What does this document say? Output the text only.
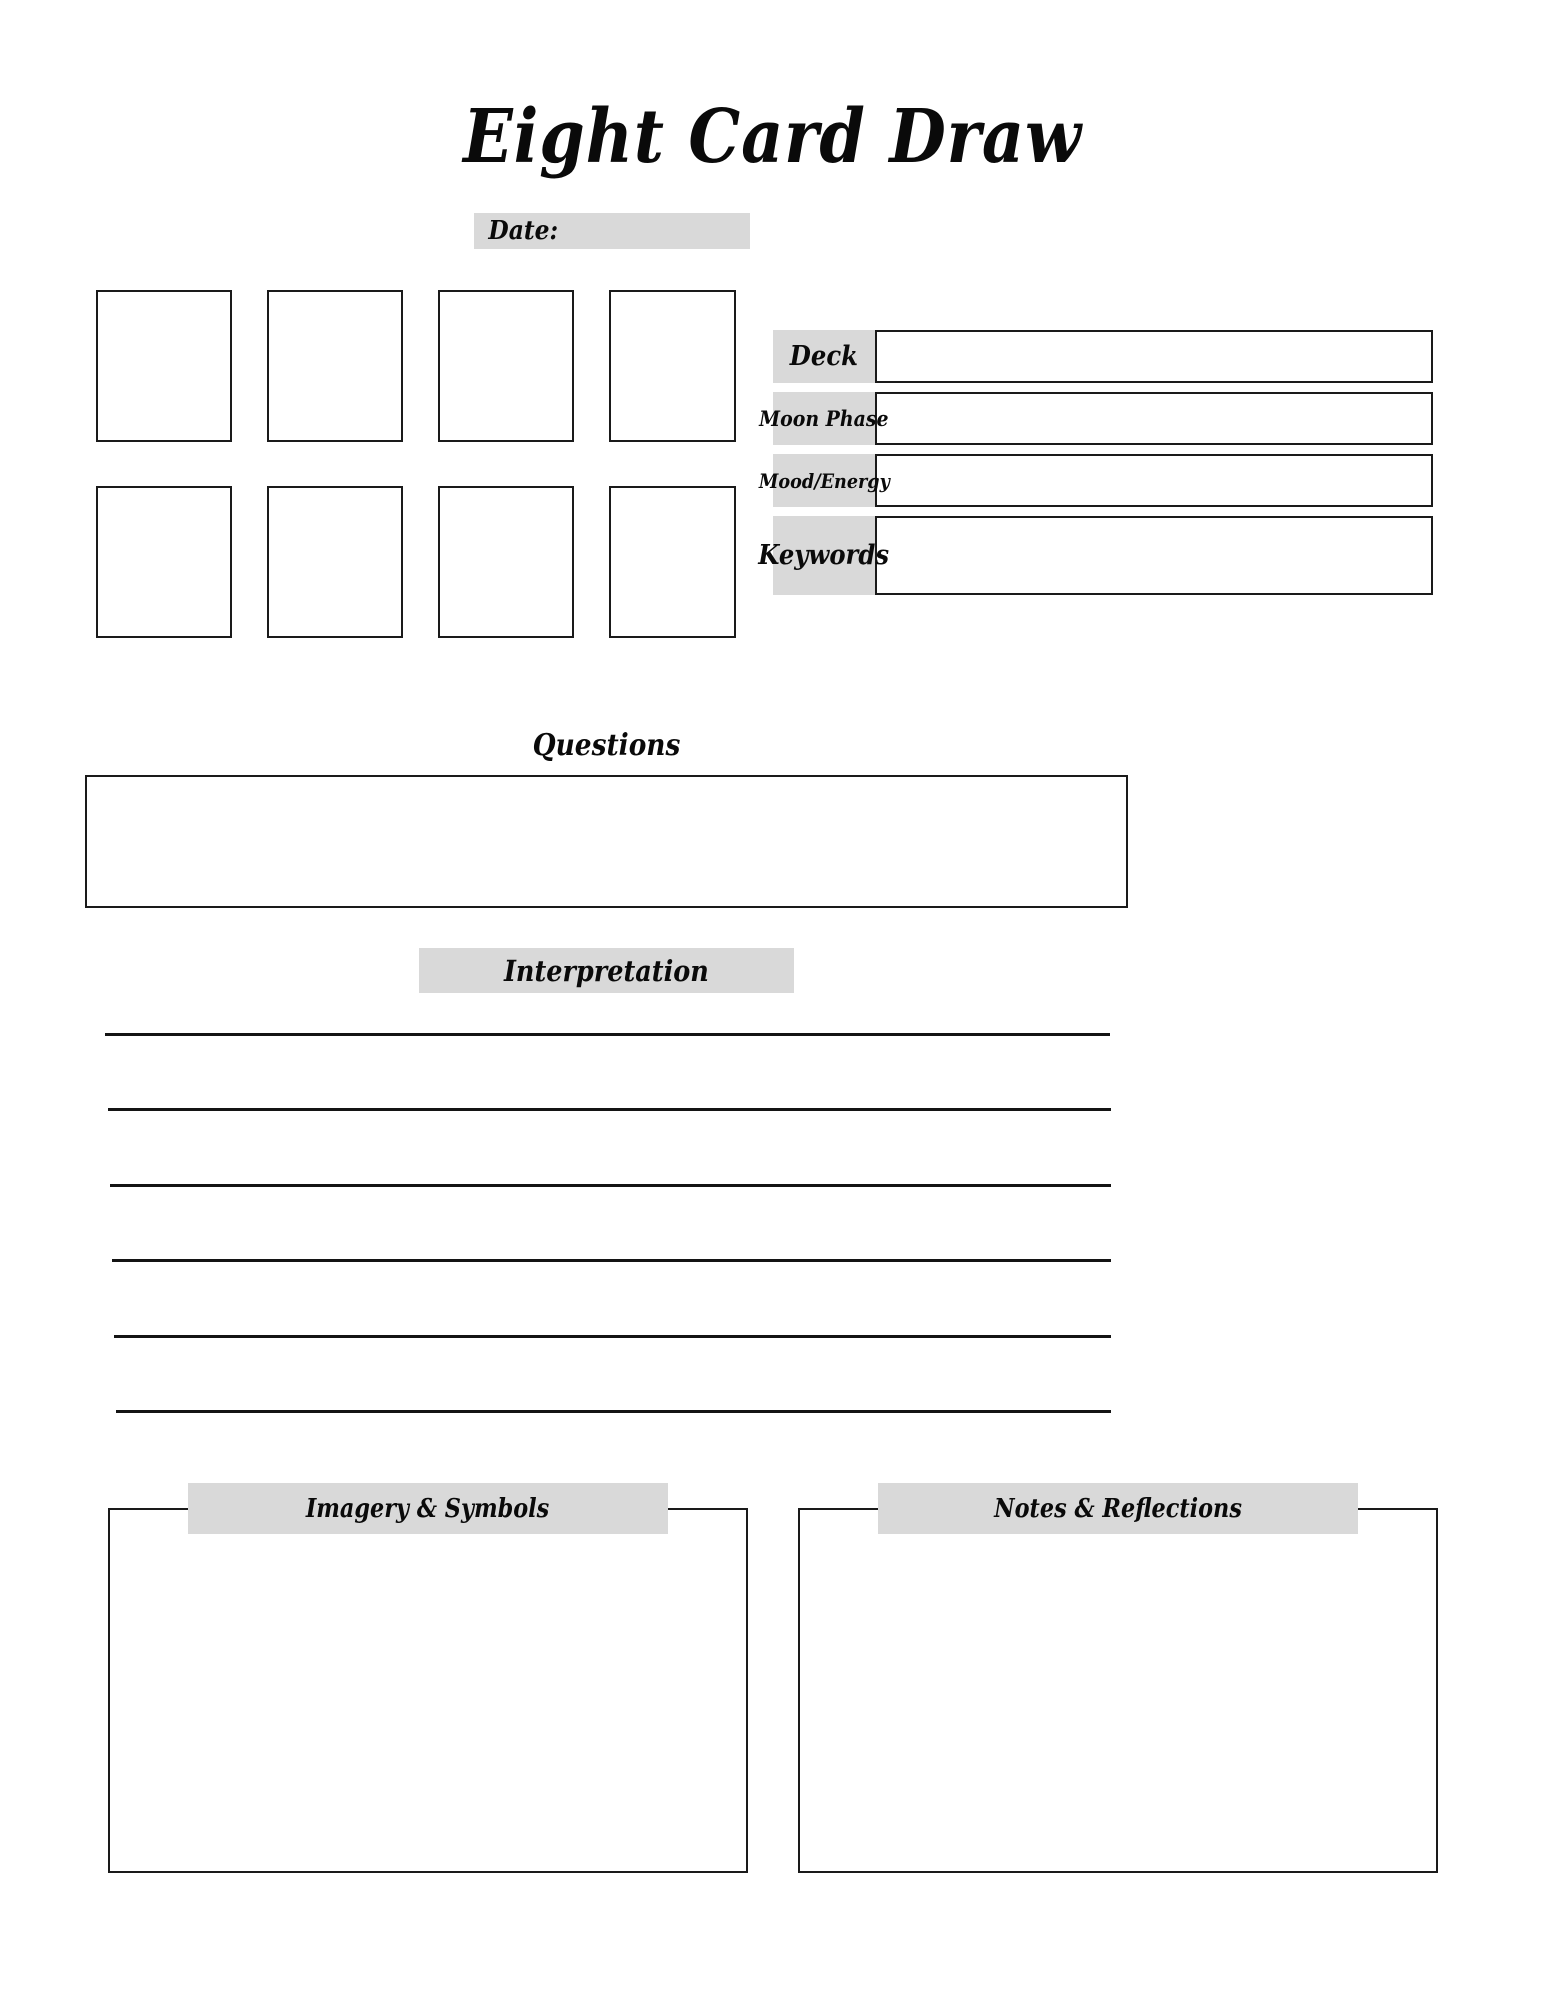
Eight Card Draw
Date:
Deck
Moon Phase
Mood/Energy
Keywords
Questions
Interpretation
Imagery & Symbols	Notes & Reflections
